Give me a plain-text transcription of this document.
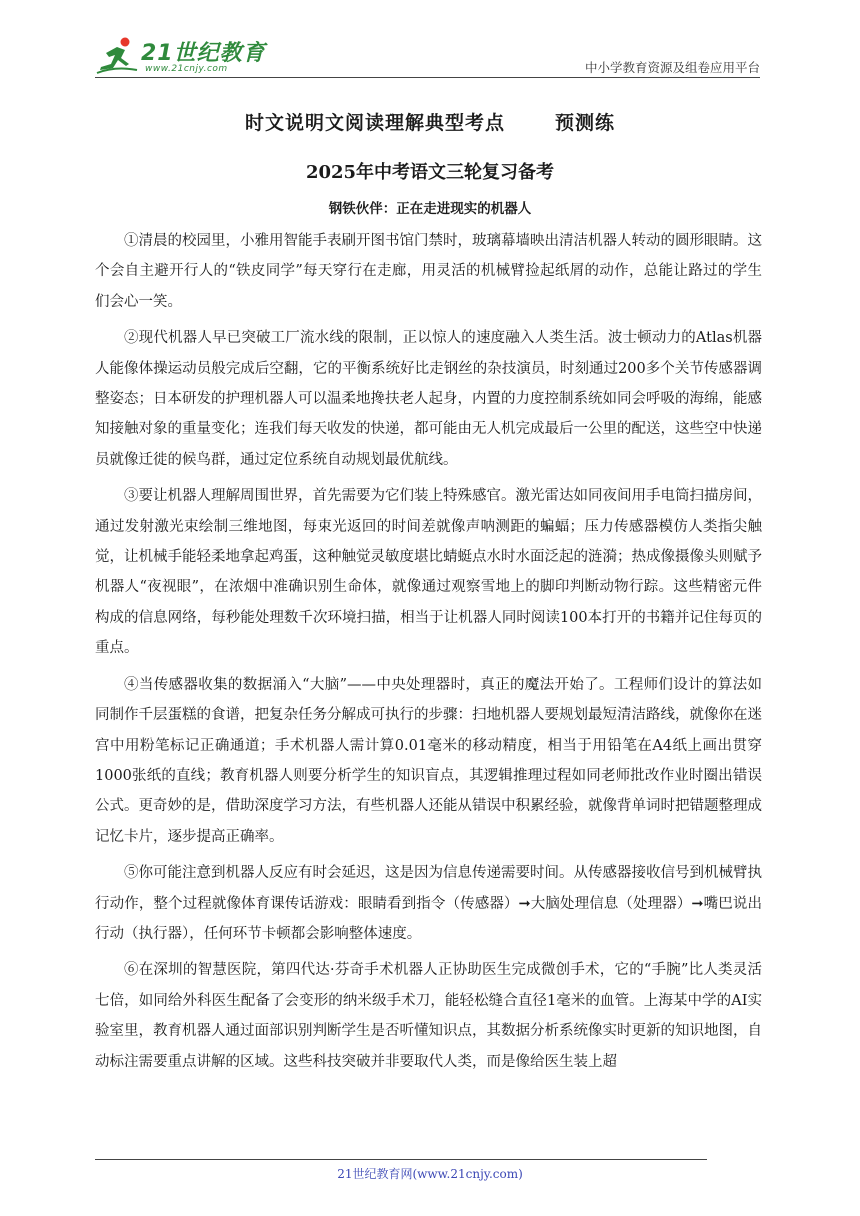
21世纪教育
www.21cnjy.com	中小学教育资源及组卷应用平台
时文说明文阅读理解典型考点	预测练
2025年中考语文三轮复习备考
钢铁伙伴：正在走进现实的机器人

①清晨的校园里，小雅用智能手表刷开图书馆门禁时，玻璃幕墙映出清洁机器人转动的圆形眼睛。这个会自主避开行人的“铁皮同学”每天穿行在走廊，用灵活的机械臂捡起纸屑的动作，总能让路过的学生们会心一笑。

②现代机器人早已突破工厂流水线的限制，正以惊人的速度融入人类生活。波士顿动力的Atlas机器人能像体操运动员般完成后空翻，它的平衡系统好比走钢丝的杂技演员，时刻通过200多个关节传感器调整姿态；日本研发的护理机器人可以温柔地搀扶老人起身，内置的力度控制系统如同会呼吸的海绵，能感知接触对象的重量变化；连我们每天收发的快递，都可能由无人机完成最后一公里的配送，这些空中快递员就像迁徙的候鸟群，通过定位系统自动规划最优航线。

③要让机器人理解周围世界，首先需要为它们装上特殊感官。激光雷达如同夜间用手电筒扫描房间，通过发射激光束绘制三维地图，每束光返回的时间差就像声呐测距的蝙蝠；压力传感器模仿人类指尖触觉，让机械手能轻柔地拿起鸡蛋，这种触觉灵敏度堪比蜻蜓点水时水面泛起的涟漪；热成像摄像头则赋予机器人“夜视眼”，在浓烟中准确识别生命体，就像通过观察雪地上的脚印判断动物行踪。这些精密元件构成的信息网络，每秒能处理数千次环境扫描，相当于让机器人同时阅读100本打开的书籍并记住每页的重点。

④当传感器收集的数据涌入“大脑”——中央处理器时，真正的魔法开始了。工程师们设计的算法如同制作千层蛋糕的食谱，把复杂任务分解成可执行的步骤：扫地机器人要规划最短清洁路线，就像你在迷宫中用粉笔标记正确通道；手术机器人需计算0.01毫米的移动精度，相当于用铅笔在A4纸上画出贯穿1000张纸的直线；教育机器人则要分析学生的知识盲点，其逻辑推理过程如同老师批改作业时圈出错误公式。更奇妙的是，借助深度学习方法，有些机器人还能从错误中积累经验，就像背单词时把错题整理成记忆卡片，逐步提高正确率。

⑤你可能注意到机器人反应有时会延迟，这是因为信息传递需要时间。从传感器接收信号到机械臂执行动作，整个过程就像体育课传话游戏：眼睛看到指令（传感器）➞大脑处理信息（处理器）➞嘴巴说出行动（执行器），任何环节卡顿都会影响整体速度。

⑥在深圳的智慧医院，第四代达·芬奇手术机器人正协助医生完成微创手术，它的“手腕”比人类灵活七倍，如同给外科医生配备了会变形的纳米级手术刀，能轻松缝合直径1毫米的血管。上海某中学的AI实验室里，教育机器人通过面部识别判断学生是否听懂知识点，其数据分析系统像实时更新的知识地图，自动标注需要重点讲解的区域。这些科技突破并非要取代人类，而是像给医生装上超

21世纪教育网(www.21cnjy.com)
